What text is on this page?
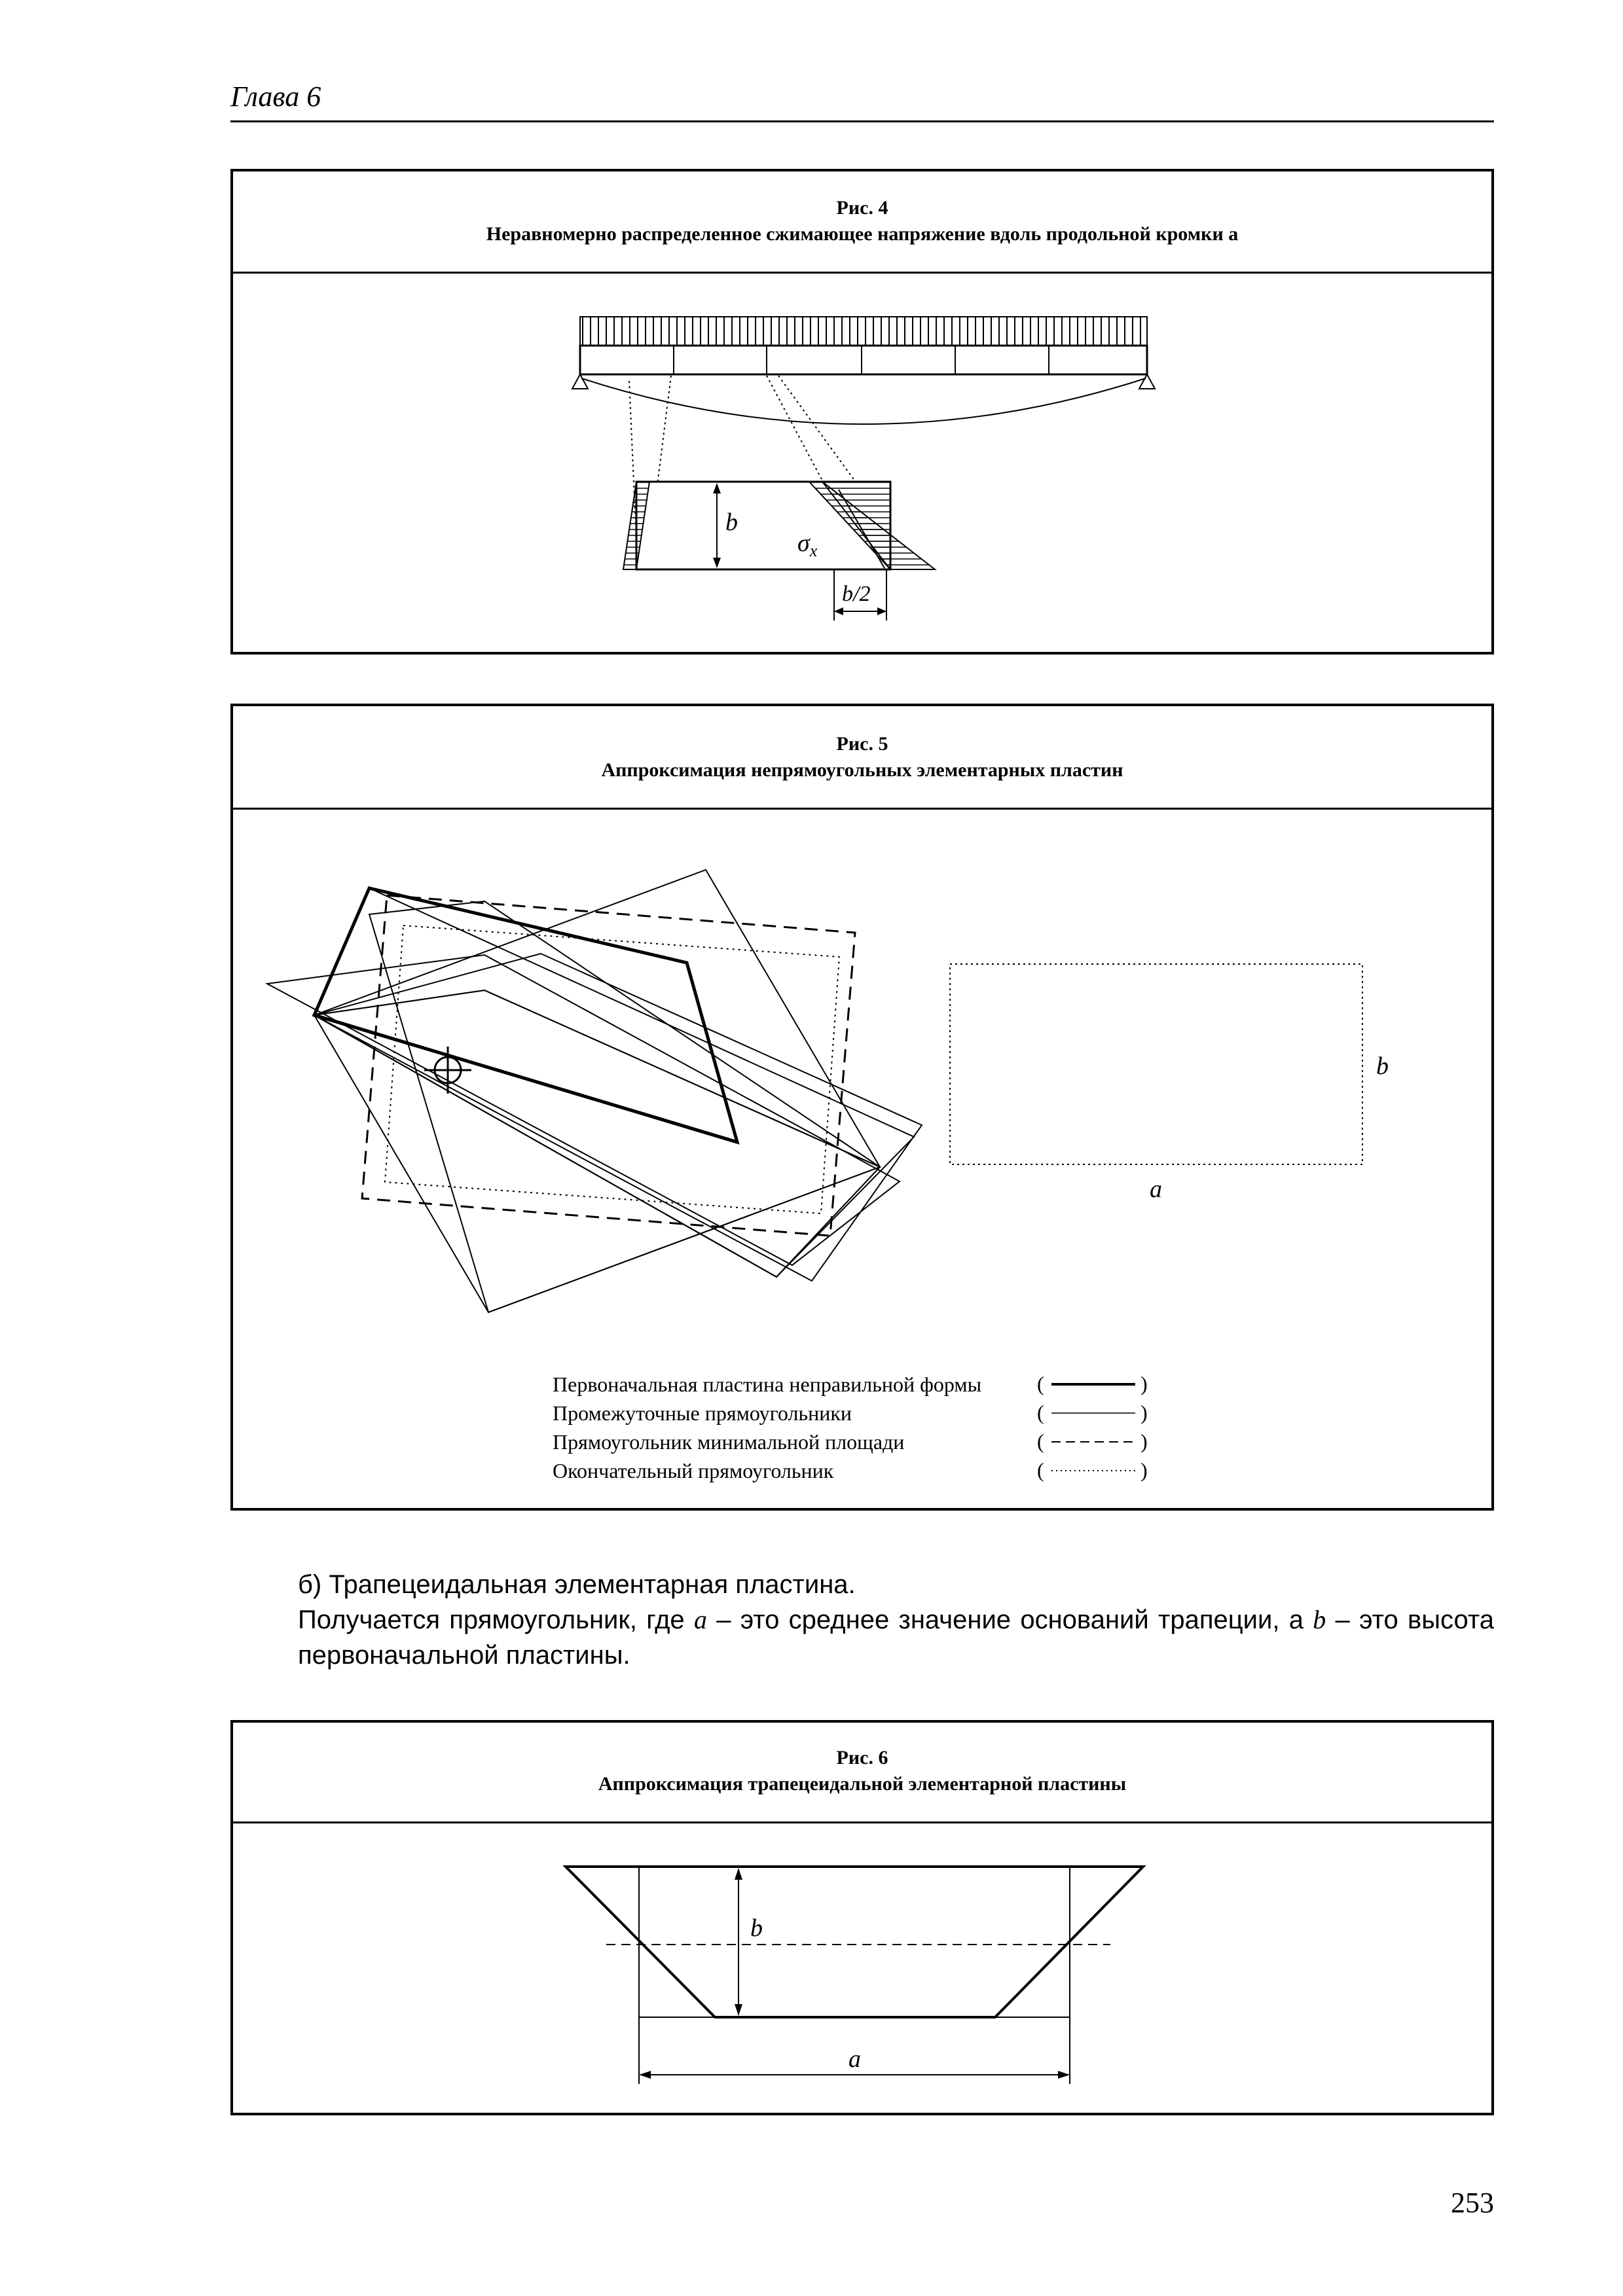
Глава 6
Рис. 4
Неравномерно распределенное сжимающее напряжение вдоль продольной кромки a
b
$\sigma_x$
b/2
Рис. 5
Аппроксимация непрямоугольных элементарных пластин
b
a
Первоначальная пластина неправильной формы	(	)
Промежуточные прямоугольники	(	)
Прямоугольник минимальной площади	(	)
Окончательный прямоугольник	(	)
б) Трапецеидальная элементарная пластина.
Получается прямоугольник, где a – это среднее значение оснований трапеции, а b – это высота первоначальной пластины.
Рис. 6
Аппроксимация трапецеидальной элементарной пластины
b
a
253
